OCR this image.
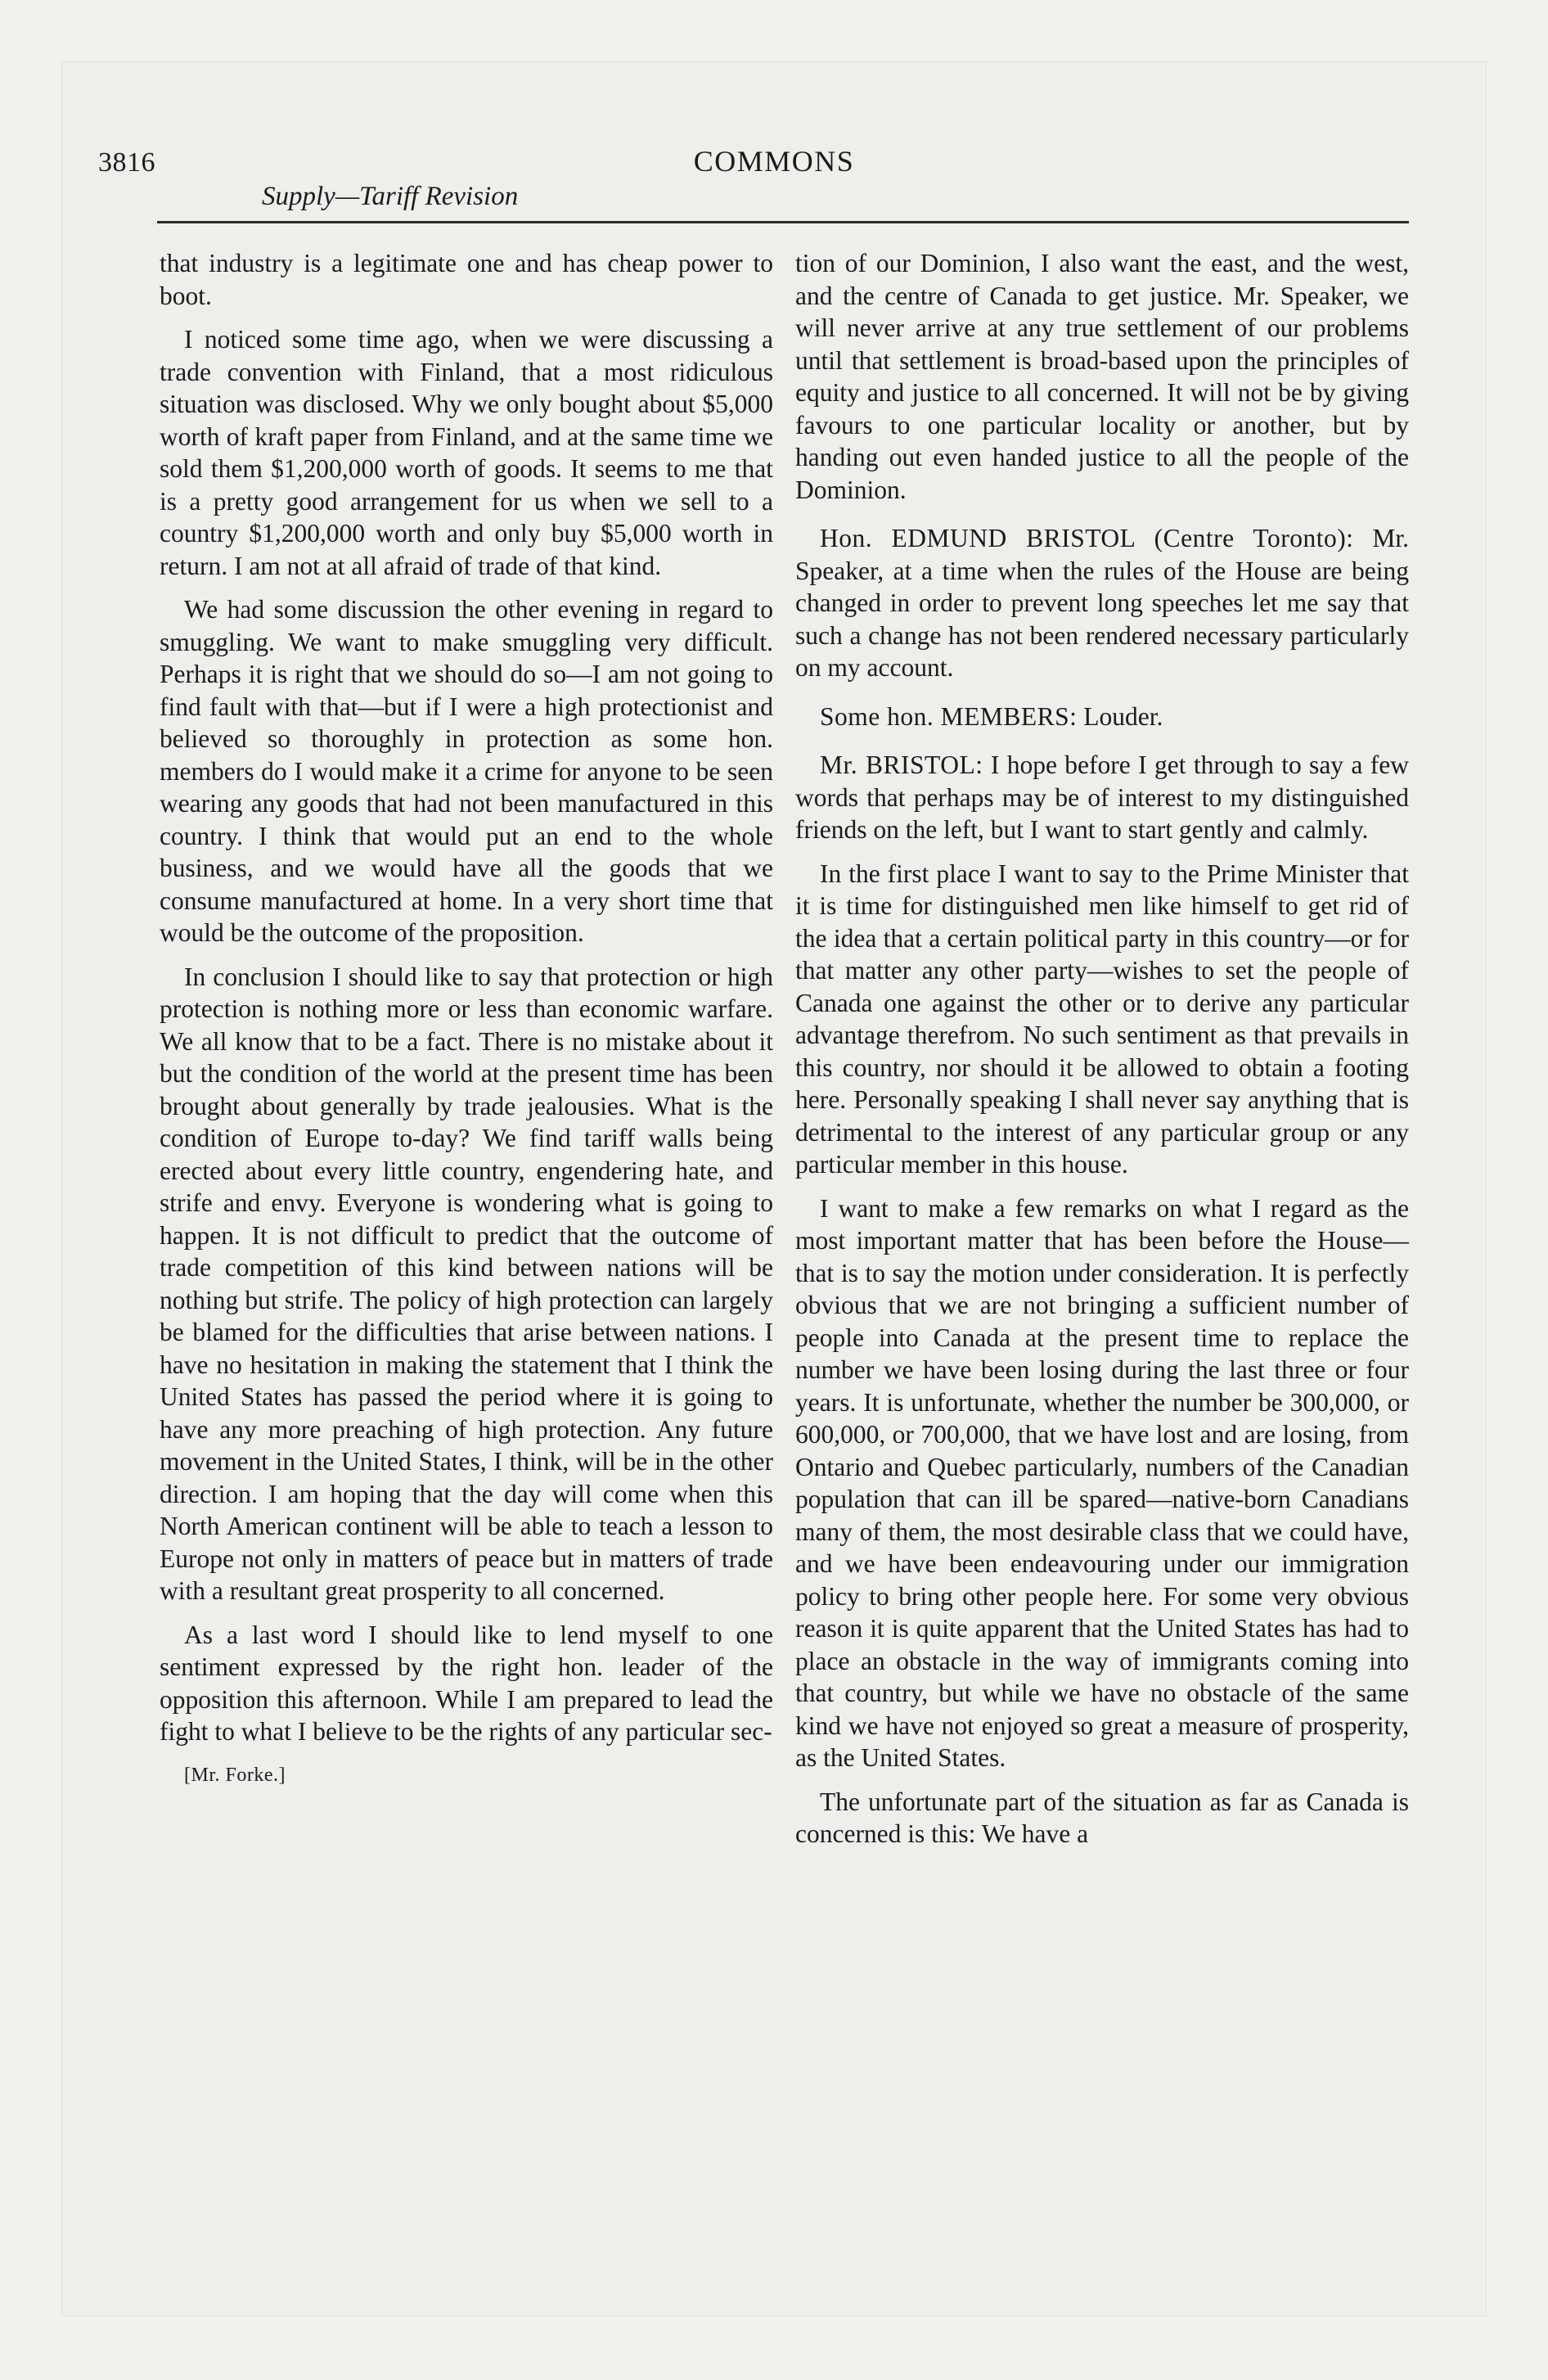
3816	COMMONS
Supply—Tariff Revision

that industry is a legitimate one and has cheap power to boot.

I noticed some time ago, when we were discussing a trade convention with Finland, that a most ridiculous situation was disclosed. Why we only bought about $5,000 worth of kraft paper from Finland, and at the same time we sold them $1,200,000 worth of goods. It seems to me that is a pretty good arrangement for us when we sell to a country $1,200,000 worth and only buy $5,000 worth in return. I am not at all afraid of trade of that kind.

We had some discussion the other evening in regard to smuggling. We want to make smuggling very difficult. Perhaps it is right that we should do so—I am not going to find fault with that—but if I were a high protectionist and believed so thoroughly in protection as some hon. members do I would make it a crime for anyone to be seen wearing any goods that had not been manufactured in this country. I think that would put an end to the whole business, and we would have all the goods that we consume manufactured at home. In a very short time that would be the outcome of the proposition.

In conclusion I should like to say that protection or high protection is nothing more or less than economic warfare. We all know that to be a fact. There is no mistake about it but the condition of the world at the present time has been brought about generally by trade jealousies. What is the condition of Europe to-day? We find tariff walls being erected about every little country, engendering hate, and strife and envy. Everyone is wondering what is going to happen. It is not difficult to predict that the outcome of trade competition of this kind between nations will be nothing but strife. The policy of high protection can largely be blamed for the difficulties that arise between nations. I have no hesitation in making the statement that I think the United States has passed the period where it is going to have any more preaching of high protection. Any future movement in the United States, I think, will be in the other direction. I am hoping that the day will come when this North American continent will be able to teach a lesson to Europe not only in matters of peace but in matters of trade with a resultant great prosperity to all concerned.

As a last word I should like to lend myself to one sentiment expressed by the right hon. leader of the opposition this afternoon. While I am prepared to lead the fight to what I believe to be the rights of any particular sec-

[Mr. Forke.]

tion of our Dominion, I also want the east, and the west, and the centre of Canada to get justice. Mr. Speaker, we will never arrive at any true settlement of our problems until that settlement is broad-based upon the principles of equity and justice to all concerned. It will not be by giving favours to one particular locality or another, but by handing out even handed justice to all the people of the Dominion.

Hon. EDMUND BRISTOL (Centre Toronto): Mr. Speaker, at a time when the rules of the House are being changed in order to prevent long speeches let me say that such a change has not been rendered necessary particularly on my account.

Some hon. MEMBERS: Louder.

Mr. BRISTOL: I hope before I get through to say a few words that perhaps may be of interest to my distinguished friends on the left, but I want to start gently and calmly.

In the first place I want to say to the Prime Minister that it is time for distinguished men like himself to get rid of the idea that a certain political party in this country—or for that matter any other party—wishes to set the people of Canada one against the other or to derive any particular advantage therefrom. No such sentiment as that prevails in this country, nor should it be allowed to obtain a footing here. Personally speaking I shall never say anything that is detrimental to the interest of any particular group or any particular member in this house.

I want to make a few remarks on what I regard as the most important matter that has been before the House—that is to say the motion under consideration. It is perfectly obvious that we are not bringing a sufficient number of people into Canada at the present time to replace the number we have been losing during the last three or four years. It is unfortunate, whether the number be 300,000, or 600,000, or 700,000, that we have lost and are losing, from Ontario and Quebec particularly, numbers of the Canadian population that can ill be spared—native-born Canadians many of them, the most desirable class that we could have, and we have been endeavouring under our immigration policy to bring other people here. For some very obvious reason it is quite apparent that the United States has had to place an obstacle in the way of immigrants coming into that country, but while we have no obstacle of the same kind we have not enjoyed so great a measure of prosperity, as the United States.

The unfortunate part of the situation as far as Canada is concerned is this: We have a
